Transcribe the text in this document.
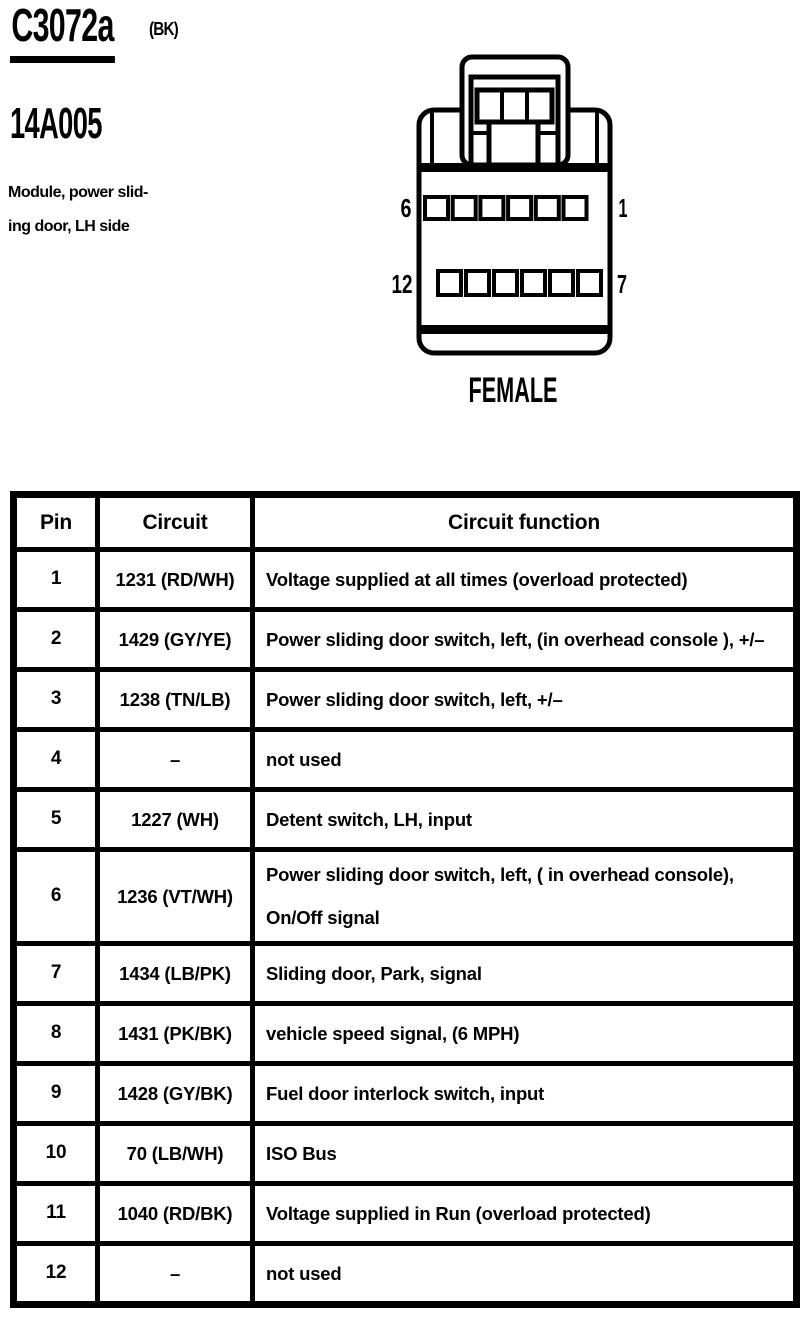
C3072a (BK)
14A005
Module, power slid-
ing door, LH side
6	1
12	7
FEMALE
Pin	Circuit	Circuit function
1	1231 (RD/WH)	Voltage supplied at all times (overload protected)
2	1429 (GY/YE)	Power sliding door switch, left, (in overhead console ), +/–
3	1238 (TN/LB)	Power sliding door switch, left, +/–
4	–	not used
5	1227 (WH)	Detent switch, LH, input
6	1236 (VT/WH)	Power sliding door switch, left, ( in overhead console), On/Off signal
7	1434 (LB/PK)	Sliding door, Park, signal
8	1431 (PK/BK)	vehicle speed signal, (6 MPH)
9	1428 (GY/BK)	Fuel door interlock switch, input
10	70 (LB/WH)	ISO Bus
11	1040 (RD/BK)	Voltage supplied in Run (overload protected)
12	–	not used
